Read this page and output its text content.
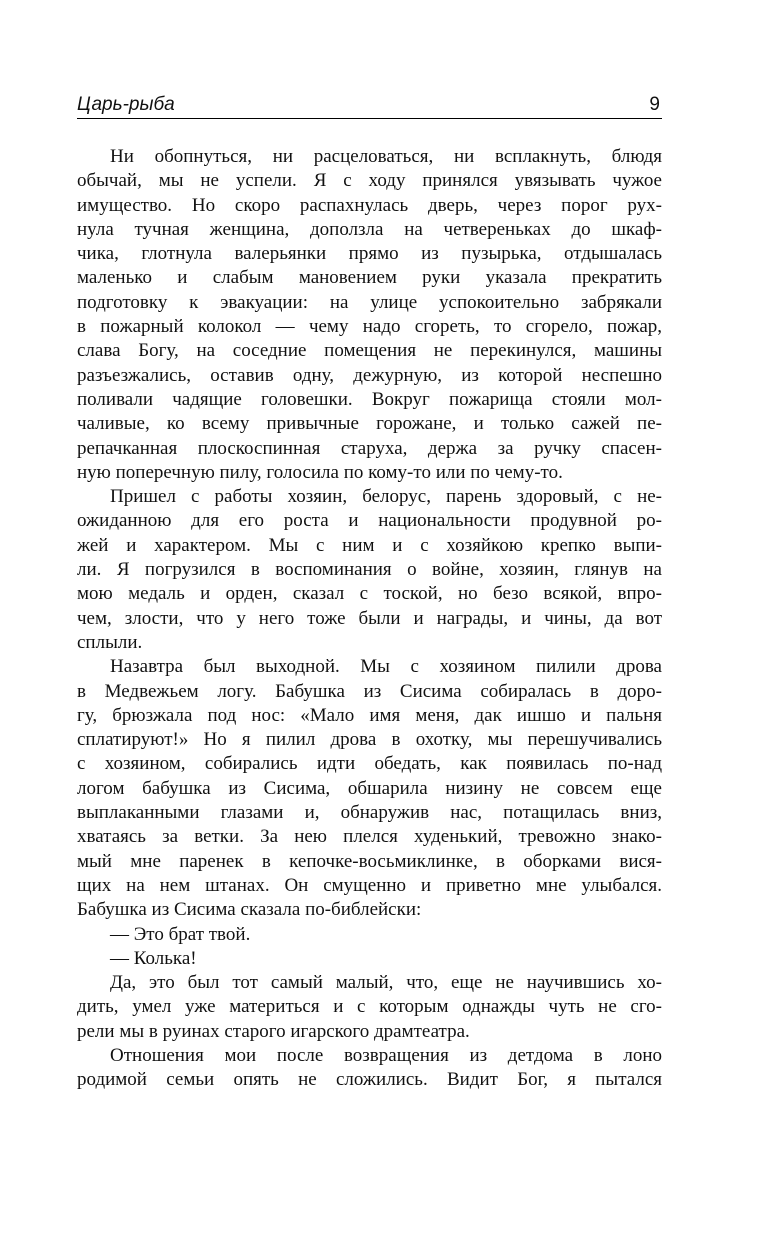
Царь-рыба	9

Ни обопнуться, ни расцеловаться, ни всплакнуть, блюдя

обычай, мы не успели. Я с ходу принялся увязывать чужое

имущество. Но скоро распахнулась дверь, через порог рух-

нула тучная женщина, доползла на четвереньках до шкаф-

чика, глотнула валерьянки прямо из пузырька, отдышалась

маленько и слабым мановением руки указала прекратить

подготовку к эвакуации: на улице успокоительно забрякали

в пожарный колокол — чему надо сгореть, то сгорело, пожар,

слава Богу, на соседние помещения не перекинулся, машины

разъезжались, оставив одну, дежурную, из которой неспешно

поливали чадящие головешки. Вокруг пожарища стояли мол-

чаливые, ко всему привычные горожане, и только сажей пе-

репачканная плоскоспинная старуха, держа за ручку спасен-

ную поперечную пилу, голосила по кому-то или по чему-то.

Пришел с работы хозяин, белорус, парень здоровый, с не-

ожиданною для его роста и национальности продувной ро-

жей и характером. Мы с ним и с хозяйкою крепко выпи-

ли. Я погрузился в воспоминания о войне, хозяин, глянув на

мою медаль и орден, сказал с тоской, но безо всякой, впро-

чем, злости, что у него тоже были и награды, и чины, да вот

сплыли.

Назавтра был выходной. Мы с хозяином пилили дрова

в Медвежьем логу. Бабушка из Сисима собиралась в доро-

гу, брюзжала под нос: «Мало имя меня, дак ишшо и пальня

сплатируют!» Но я пилил дрова в охотку, мы перешучивались

с хозяином, собирались идти обедать, как появилась по-над

логом бабушка из Сисима, обшарила низину не совсем еще

выплаканными глазами и, обнаружив нас, потащилась вниз,

хватаясь за ветки. За нею плелся худенький, тревожно знако-

мый мне паренек в кепочке-восьмиклинке, в оборками вися-

щих на нем штанах. Он смущенно и приветно мне улыбался.

Бабушка из Сисима сказала по-библейски:

— Это брат твой.

— Колька!

Да, это был тот самый малый, что, еще не научившись хо-

дить, умел уже материться и с которым однажды чуть не сго-

рели мы в руинах старого игарского драмтеатра.

Отношения мои после возвращения из детдома в лоно

родимой семьи опять не сложились. Видит Бог, я пытался
